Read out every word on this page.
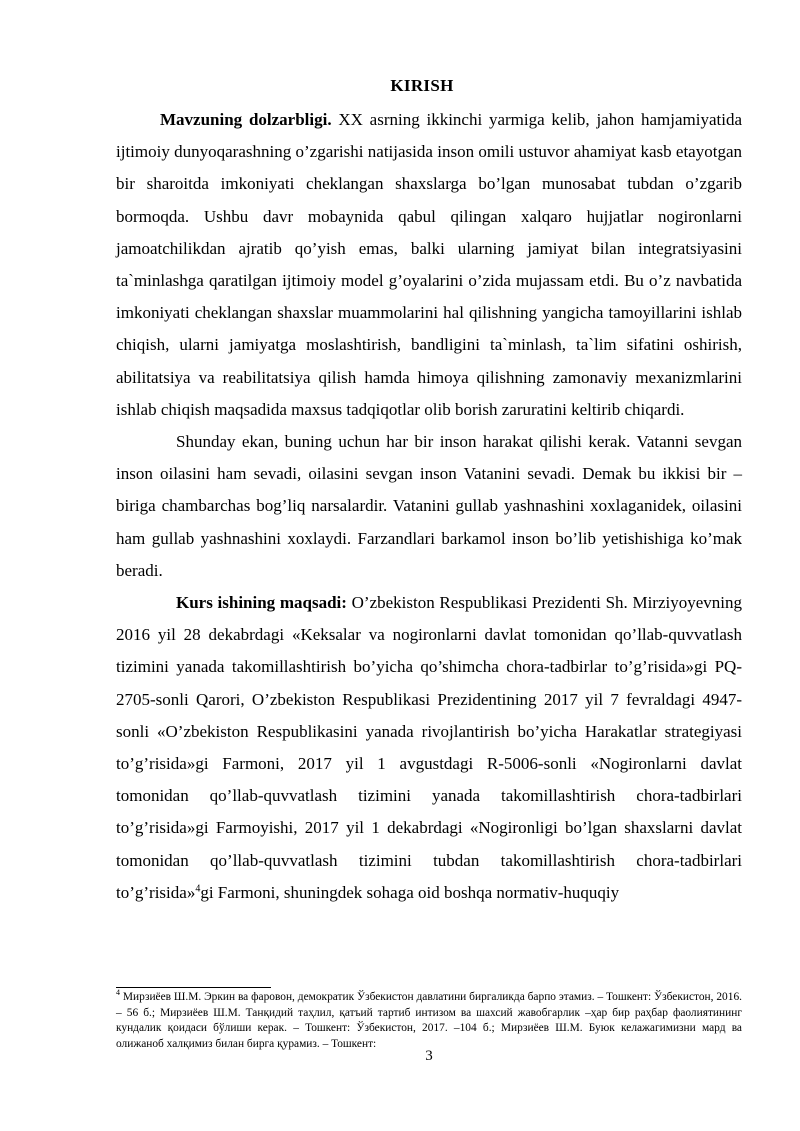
KIRISH

Mavzuning dolzarbligi. XX asrning ikkinchi yarmiga kelib, jahon hamjamiyatida ijtimoiy dunyoqarashning o’zgarishi natijasida inson omili ustuvor ahamiyat kasb etayotgan bir sharoitda imkoniyati cheklangan shaxslarga bo’lgan munosabat tubdan o’zgarib bormoqda. Ushbu davr mobaynida qabul qilingan xalqaro hujjatlar nogironlarni jamoatchilikdan ajratib qo’yish emas, balki ularning jamiyat bilan integratsiyasini ta`minlashga qaratilgan ijtimoiy model g’oyalarini o’zida mujassam etdi. Bu o’z navbatida imkoniyati cheklangan shaxslar muammolarini hal qilishning yangicha tamoyillarini ishlab chiqish, ularni jamiyatga moslashtirish, bandligini ta`minlash, ta`lim sifatini oshirish, abilitatsiya va reabilitatsiya qilish hamda himoya qilishning zamonaviy mexanizmlarini ishlab chiqish maqsadida maxsus tadqiqotlar olib borish zaruratini keltirib chiqardi.

Shunday ekan, buning uchun har bir inson harakat qilishi kerak. Vatanni sevgan inson oilasini ham sevadi, oilasini sevgan inson Vatanini sevadi. Demak bu ikkisi bir – biriga chambarchas bog’liq narsalardir. Vatanini gullab yashnashini xoxlaganidek, oilasini ham gullab yashnashini xoxlaydi. Farzandlari barkamol inson bo’lib yetishishiga ko’mak beradi.

Kurs ishining maqsadi: O’zbekiston Respublikasi Prezidenti Sh. Mirziyoyevning 2016 yil 28 dekabrdagi «Keksalar va nogironlarni davlat tomonidan qo’llab-quvvatlash tizimini yanada takomillashtirish bo’yicha qo’shimcha chora-tadbirlar to’g’risida»gi PQ-2705-sonli Qarori, O’zbekiston Respublikasi Prezidentining 2017 yil 7 fevraldagi 4947-sonli «O’zbekiston Respublikasini yanada rivojlantirish bo’yicha Harakatlar strategiyasi to’g’risida»gi Farmoni, 2017 yil 1 avgustdagi R-5006-sonli «Nogironlarni davlat tomonidan qo’llab-quvvatlash tizimini yanada takomillashtirish chora-tadbirlari to’g’risida»gi Farmoyishi, 2017 yil 1 dekabrdagi «Nogironligi bo’lgan shaxslarni davlat tomonidan qo’llab-quvvatlash tizimini tubdan takomillashtirish chora-tadbirlari to’g’risida»$^4$gi Farmoni, shuningdek sohaga oid boshqa normativ-huquqiy

$^4$ Мирзиёев Ш.М. Эркин ва фаровон, демократик Ўзбекистон давлатини биргаликда барпо этамиз. – Тошкент: Ўзбекистон, 2016. – 56 б.; Мирзиёев Ш.М. Танқидий таҳлил, қатъий тартиб интизом ва шахсий жавобгарлик –ҳар бир раҳбар фаолиятининг кундалик қоидаси бўлиши керак. – Тошкент: Ўзбекистон, 2017. –104 б.; Мирзиёев Ш.М. Буюк келажагимизни мард ва олижаноб халқимиз билан бирга қурамиз. – Тошкент:
3
